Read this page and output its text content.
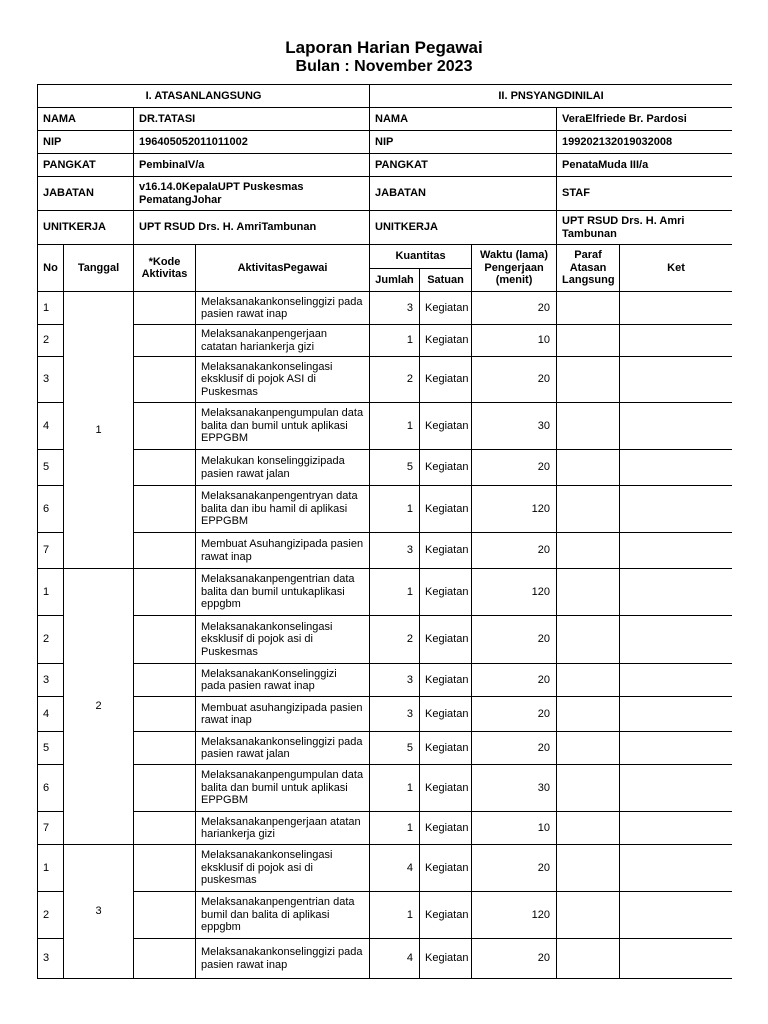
Laporan Harian Pegawai
Bulan : November 2023
I. ATASANLANGSUNG				II. PNSYANGDINILAI				
NAMA		DR.TATASI		NAMA			VeraElfriede Br. Pardosi	
NIP		196405052011011002		NIP			199202132019032008	
PANGKAT		PembinaIV/a		PANGKAT			PenataMuda III/a	
JABATAN		v16.14.0KepalaUPT Puskesmas PematangJohar		JABATAN			STAF	
UNITKERJA		UPT RSUD Drs. H. AmriTambunan		UNITKERJA			UPT RSUD Drs. H. Amri Tambunan	
No	Tanggal	*Kode Aktivitas	AktivitasPegawai	Kuantitas		Waktu (lama) Pengerjaan (menit)	Paraf Atasan Langsung	Ket
				Jumlah	Satuan			
1	1		Melaksanakankonselinggizi pada pasien rawat inap	3	Kegiatan	20		
2			Melaksanakanpengerjaan catatan hariankerja gizi	1	Kegiatan	10		
3			Melaksanakankonselingasi eksklusif di pojok ASI di Puskesmas	2	Kegiatan	20		
4			Melaksanakanpengumpulan data balita dan bumil untuk aplikasi EPPGBM	1	Kegiatan	30		
5			Melakukan konselinggizipada pasien rawat jalan	5	Kegiatan	20		
6			Melaksanakanpengentryan data balita dan ibu hamil di aplikasi EPPGBM	1	Kegiatan	120		
7			Membuat Asuhangizipada pasien rawat inap	3	Kegiatan	20		
1	2		Melaksanakanpengentrian data balita dan bumil untukaplikasi eppgbm	1	Kegiatan	120		
2			Melaksanakankonselingasi eksklusif di pojok asi di Puskesmas	2	Kegiatan	20		
3			MelaksanakanKonselinggizi pada pasien rawat inap	3	Kegiatan	20		
4			Membuat asuhangizipada pasien rawat inap	3	Kegiatan	20		
5			Melaksanakankonselinggizi pada pasien rawat jalan	5	Kegiatan	20		
6			Melaksanakanpengumpulan data balita dan bumil untuk aplikasi EPPGBM	1	Kegiatan	30		
7			Melaksanakanpengerjaan atatan hariankerja gizi	1	Kegiatan	10		
1	3		Melaksanakankonselingasi eksklusif di pojok asi di puskesmas	4	Kegiatan	20		
2			Melaksanakanpengentrian data bumil dan balita di aplikasi eppgbm	1	Kegiatan	120		
3			Melaksanakankonselinggizi pada pasien rawat inap	4	Kegiatan	20		
